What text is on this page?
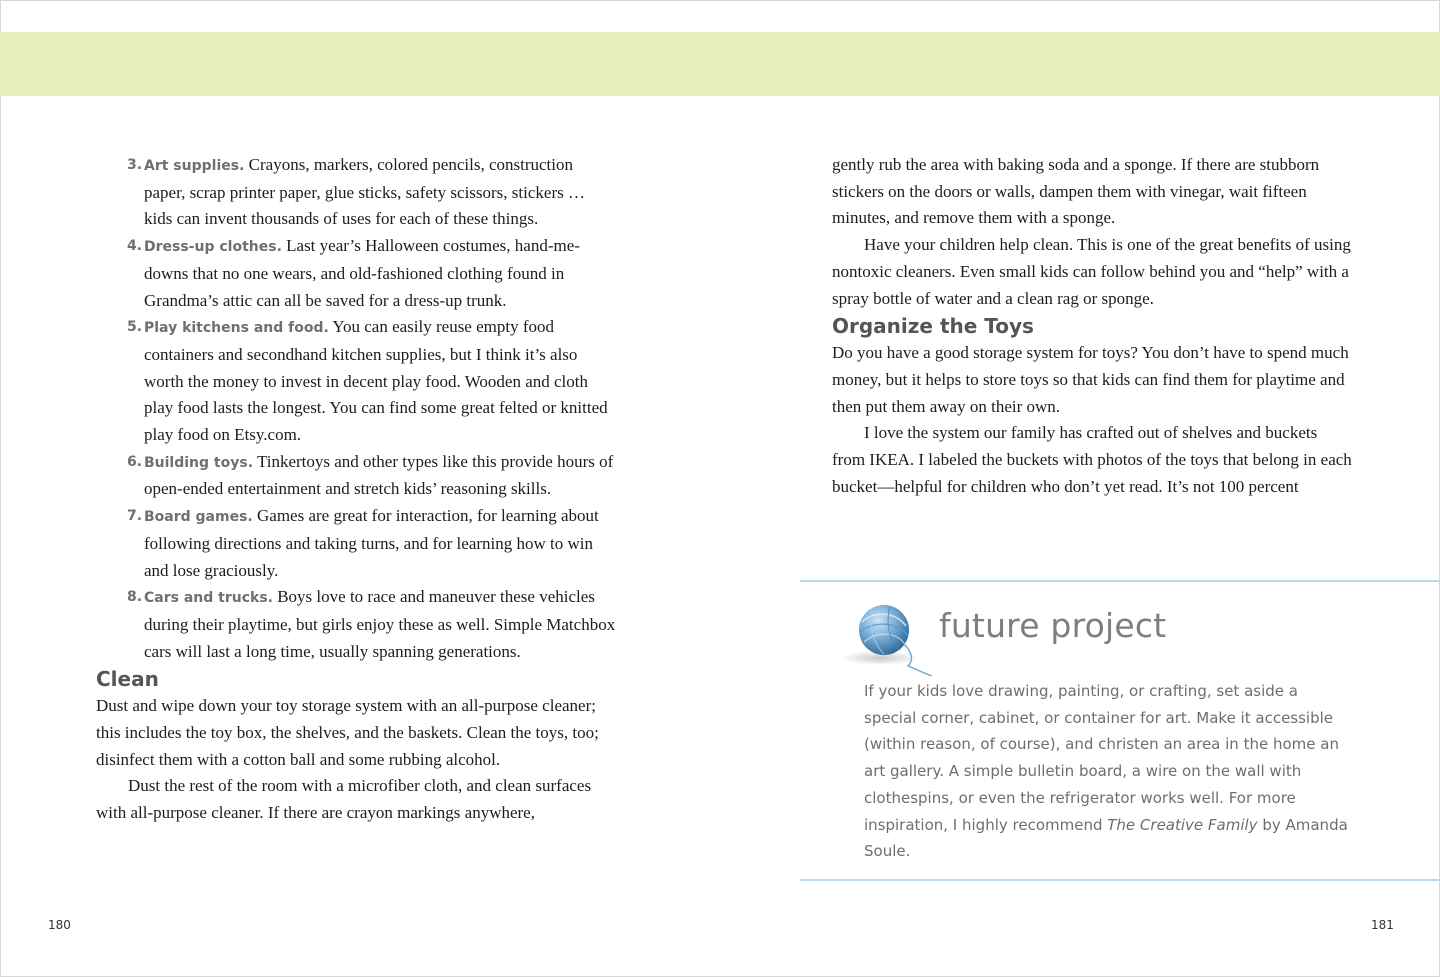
3. Art supplies. Crayons, markers, colored pencils, construction paper, scrap printer paper, glue sticks, safety scissors, stickers … kids can invent thousands of uses for each of these things.
4. Dress-up clothes. Last year’s Halloween costumes, hand-me-downs that no one wears, and old-fashioned clothing found in Grandma’s attic can all be saved for a dress-up trunk.
5. Play kitchens and food. You can easily reuse empty food containers and secondhand kitchen supplies, but I think it’s also worth the money to invest in decent play food. Wooden and cloth play food lasts the longest. You can find some great felted or knitted play food on Etsy.com.
6. Building toys. Tinkertoys and other types like this provide hours of open-ended entertainment and stretch kids’ reasoning skills.
7. Board games. Games are great for interaction, for learning about following directions and taking turns, and for learning how to win and lose graciously.
8. Cars and trucks. Boys love to race and maneuver these vehicles during their playtime, but girls enjoy these as well. Simple Matchbox cars will last a long time, usually spanning generations.
Clean

Dust and wipe down your toy storage system with an all-purpose cleaner; this includes the toy box, the shelves, and the baskets. Clean the toys, too; disinfect them with a cotton ball and some rubbing alcohol.

Dust the rest of the room with a microfiber cloth, and clean surfaces with all-purpose cleaner. If there are crayon markings anywhere,

gently rub the area with baking soda and a sponge. If there are stubborn stickers on the doors or walls, dampen them with vinegar, wait fifteen minutes, and remove them with a sponge.

Have your children help clean. This is one of the great benefits of using nontoxic cleaners. Even small kids can follow behind you and “help” with a spray bottle of water and a clean rag or sponge.

Organize the Toys

Do you have a good storage system for toys? You don’t have to spend much money, but it helps to store toys so that kids can find them for playtime and then put them away on their own.

I love the system our family has crafted out of shelves and buckets from IKEA. I labeled the buckets with photos of the toys that belong in each bucket—helpful for children who don’t yet read. It’s not 100 percent

future project
If your kids love drawing, painting, or crafting, set aside a special corner, cabinet, or container for art. Make it accessible (within reason, of course), and christen an area in the home an art gallery. A simple bulletin board, a wire on the wall with clothespins, or even the refrigerator works well. For more inspiration, I highly recommend The Creative Family by Amanda Soule.
180	181
